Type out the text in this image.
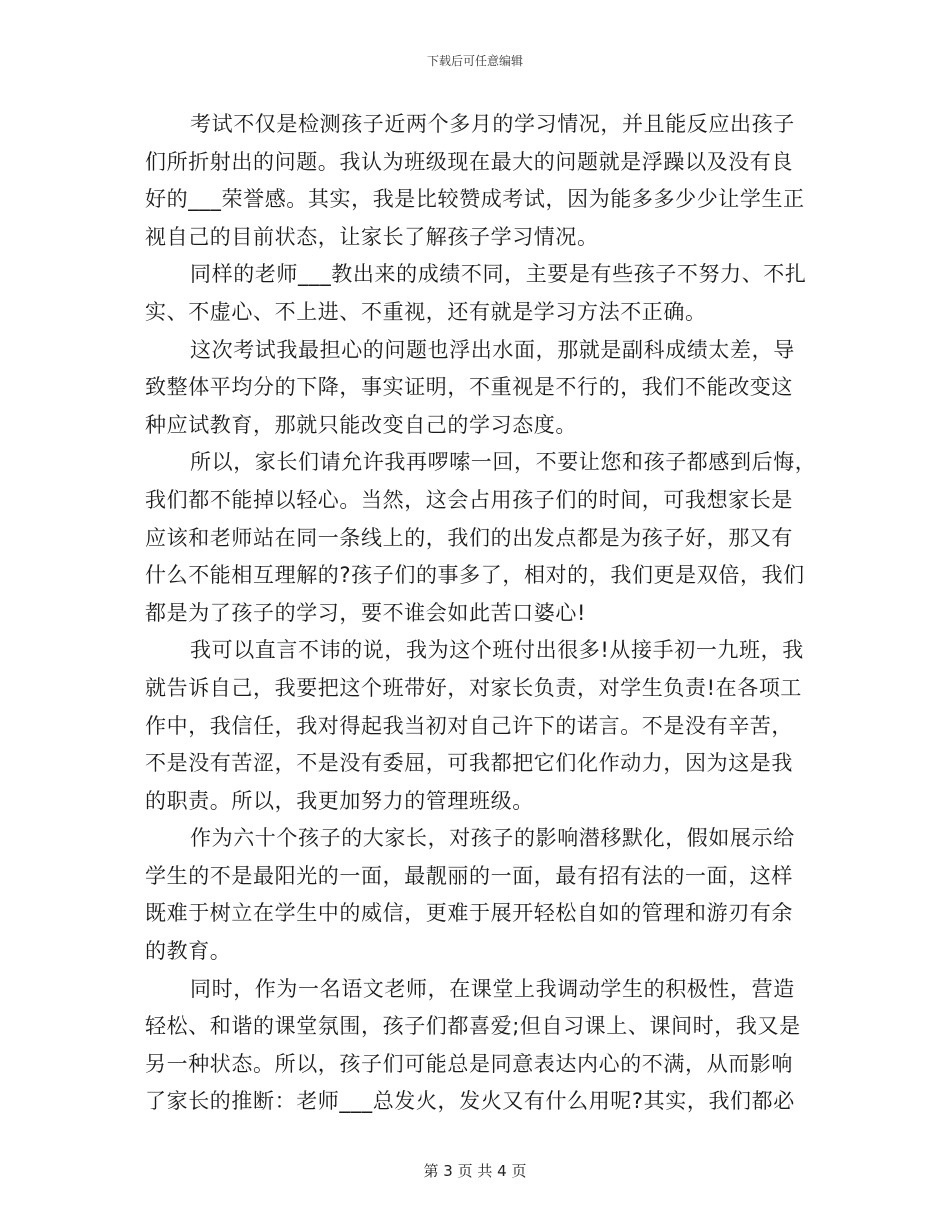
下载后可任意编辑
考试不仅是检测孩子近两个多月的学习情况，并且能反应出孩子
们所折射出的问题。我认为班级现在最大的问题就是浮躁以及没有良
好的___荣誉感。其实，我是比较赞成考试，因为能多多少少让学生正
视自己的目前状态，让家长了解孩子学习情况。
同样的老师___教出来的成绩不同，主要是有些孩子不努力、不扎
实、不虚心、不上进、不重视，还有就是学习方法不正确。
这次考试我最担心的问题也浮出水面，那就是副科成绩太差，导
致整体平均分的下降，事实证明，不重视是不行的，我们不能改变这
种应试教育，那就只能改变自己的学习态度。
所以，家长们请允许我再啰嗦一回，不要让您和孩子都感到后悔，
我们都不能掉以轻心。当然，这会占用孩子们的时间，可我想家长是
应该和老师站在同一条线上的，我们的出发点都是为孩子好，那又有
什么不能相互理解的?孩子们的事多了，相对的，我们更是双倍，我们
都是为了孩子的学习，要不谁会如此苦口婆心!
我可以直言不讳的说，我为这个班付出很多!从接手初一九班，我
就告诉自己，我要把这个班带好，对家长负责，对学生负责!在各项工
作中，我信任，我对得起我当初对自己许下的诺言。不是没有辛苦，
不是没有苦涩，不是没有委屈，可我都把它们化作动力，因为这是我
的职责。所以，我更加努力的管理班级。
作为六十个孩子的大家长，对孩子的影响潜移默化，假如展示给
学生的不是最阳光的一面，最靓丽的一面，最有招有法的一面，这样
既难于树立在学生中的威信，更难于展开轻松自如的管理和游刃有余
的教育。
同时，作为一名语文老师，在课堂上我调动学生的积极性，营造
轻松、和谐的课堂氛围，孩子们都喜爱;但自习课上、课间时，我又是
另一种状态。所以，孩子们可能总是同意表达内心的不满，从而影响
了家长的推断：老师___总发火，发火又有什么用呢?其实，我们都必
第 3 页 共 4 页
